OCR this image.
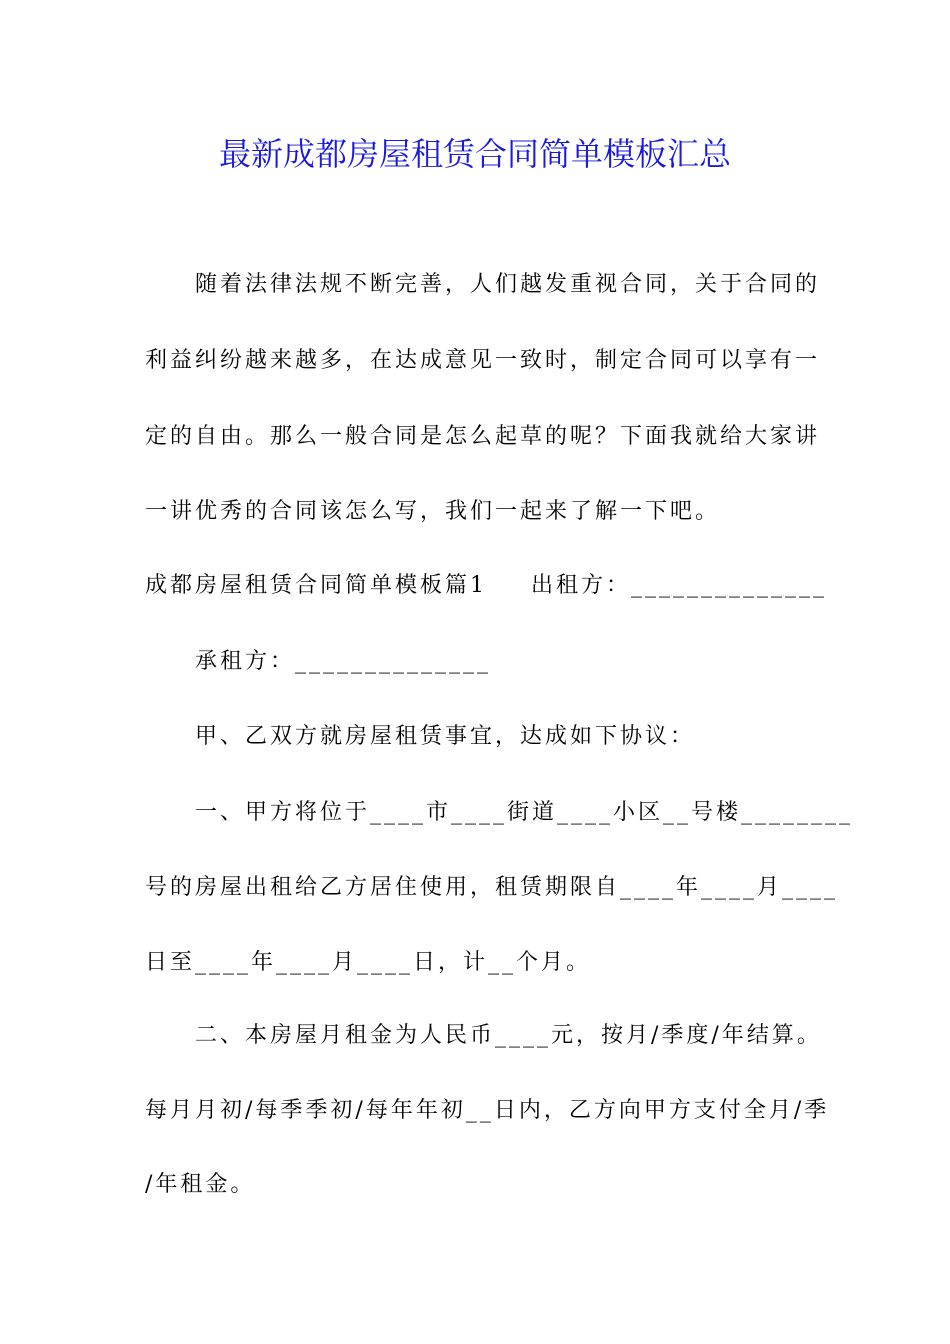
最新成都房屋租赁合同简单模板汇总
随着法律法规不断完善，人们越发重视合同，关于合同的
利益纠纷越来越多，在达成意见一致时，制定合同可以享有一
定的自由。那么一般合同是怎么起草的呢？下面我就给大家讲
一讲优秀的合同该怎么写，我们一起来了解一下吧。
成都房屋租赁合同简单模板篇1 出租方：______________
承租方：______________
甲、乙双方就房屋租赁事宜，达成如下协议：
一、甲方将位于____市____街道____小区__号楼________
号的房屋出租给乙方居住使用，租赁期限自____年____月____
日至____年____月____日，计__个月。
二、本房屋月租金为人民币____元，按月/季度/年结算。
每月月初/每季季初/每年年初__日内，乙方向甲方支付全月/季
/年租金。
